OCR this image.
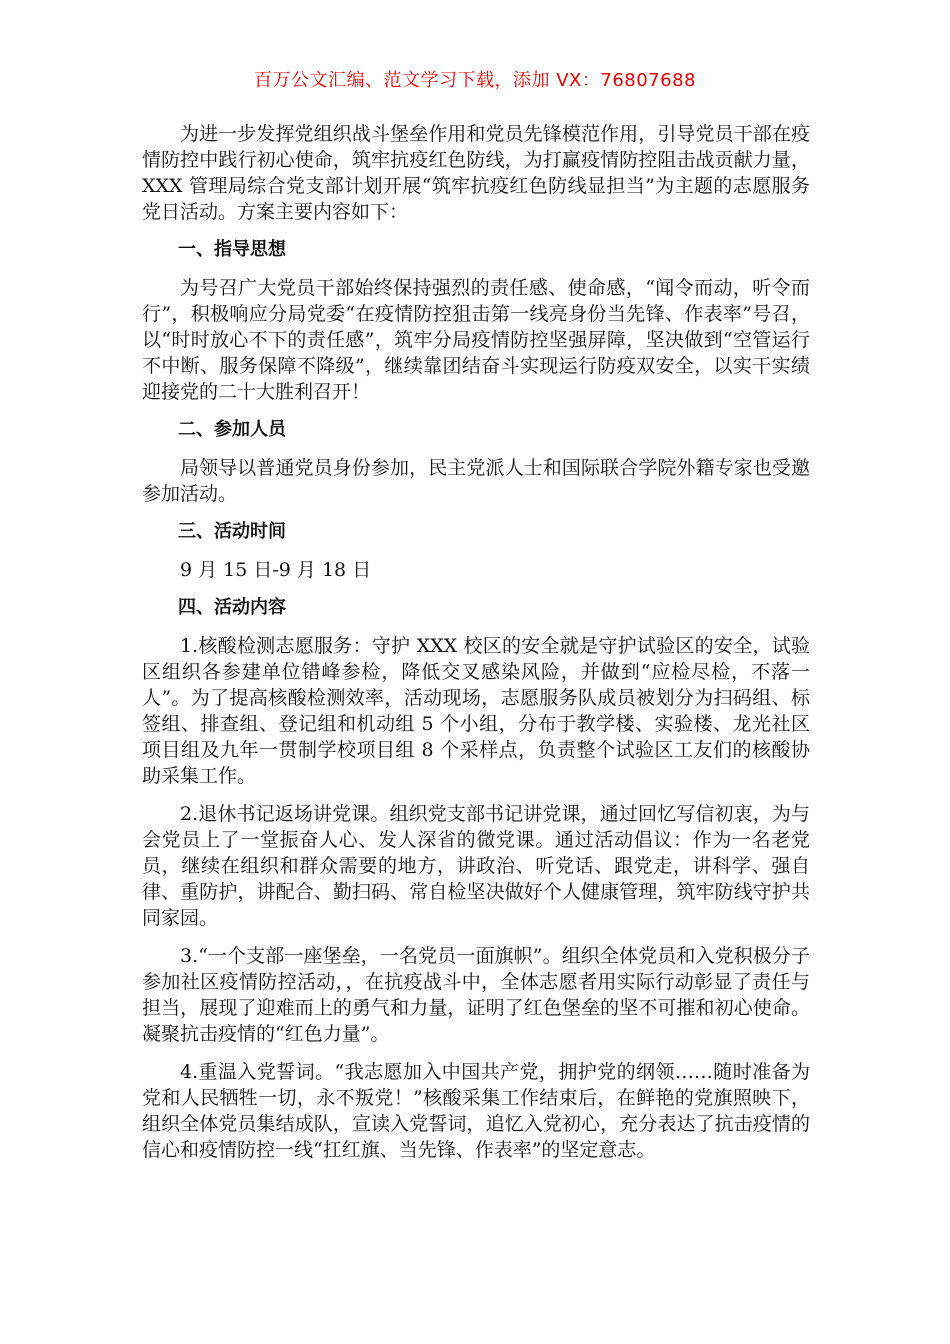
百万公文汇编、范文学习下载，添加 VX：76807688

为进一步发挥党组织战斗堡垒作用和党员先锋模范作用，引导党员干部在疫情防控中践行初心使命，筑牢抗疫红色防线，为打赢疫情防控阻击战贡献力量，XXX 管理局综合党支部计划开展“筑牢抗疫红色防线显担当”为主题的志愿服务党日活动。方案主要内容如下：

一、指导思想

为号召广大党员干部始终保持强烈的责任感、使命感，“闻令而动，听令而行”，积极响应分局党委“在疫情防控狙击第一线亮身份当先锋、作表率”号召，以“时时放心不下的责任感”，筑牢分局疫情防控坚强屏障，坚决做到“空管运行不中断、服务保障不降级”，继续靠团结奋斗实现运行防疫双安全，以实干实绩迎接党的二十大胜利召开！

二、参加人员

局领导以普通党员身份参加，民主党派人士和国际联合学院外籍专家也受邀参加活动。

三、活动时间

9 月 15 日-9 月 18 日

四、活动内容

1.核酸检测志愿服务：守护 XXX 校区的安全就是守护试验区的安全，试验区组织各参建单位错峰参检，降低交叉感染风险，并做到“应检尽检，不落一人”。为了提高核酸检测效率，活动现场，志愿服务队成员被划分为扫码组、标签组、排查组、登记组和机动组 5 个小组，分布于教学楼、实验楼、龙光社区项目组及九年一贯制学校项目组 8 个采样点，负责整个试验区工友们的核酸协助采集工作。

2.退休书记返场讲党课。组织党支部书记讲党课，通过回忆写信初衷，为与会党员上了一堂振奋人心、发人深省的微党课。通过活动倡议：作为一名老党员，继续在组织和群众需要的地方，讲政治、听党话、跟党走，讲科学、强自律、重防护，讲配合、勤扫码、常自检坚决做好个人健康管理，筑牢防线守护共同家园。

3.“一个支部一座堡垒，一名党员一面旗帜”。组织全体党员和入党积极分子参加社区疫情防控活动，，在抗疫战斗中，全体志愿者用实际行动彰显了责任与担当，展现了迎难而上的勇气和力量，证明了红色堡垒的坚不可摧和初心使命。凝聚抗击疫情的“红色力量”。

4.重温入党誓词。“我志愿加入中国共产党，拥护党的纲领……随时准备为党和人民牺牲一切，永不叛党！”核酸采集工作结束后，在鲜艳的党旗照映下，组织全体党员集结成队，宣读入党誓词，追忆入党初心，充分表达了抗击疫情的信心和疫情防控一线“扛红旗、当先锋、作表率”的坚定意志。
